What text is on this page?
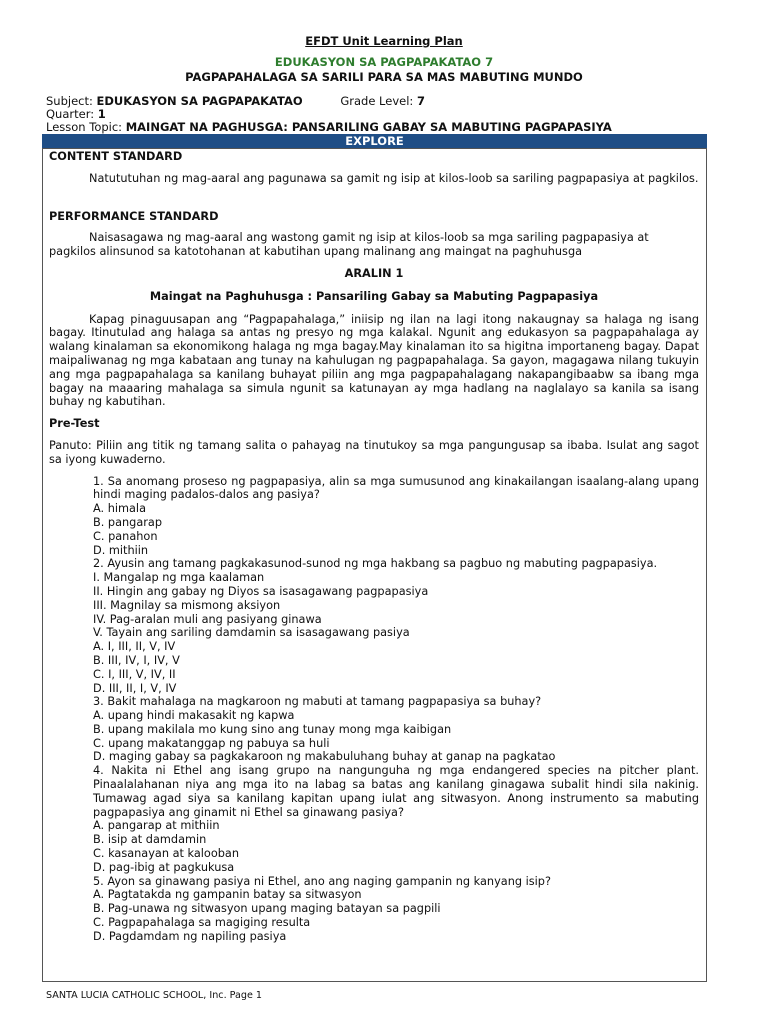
EFDT Unit Learning Plan
EDUKASYON SA PAGPAPAKATAO 7
PAGPAPAHALAGA SA SARILI PARA SA MAS MABUTING MUNDO
Subject: EDUKASYON SA PAGPAPAKATAO	Grade Level: 7
Quarter: 1
Lesson Topic: MAINGAT NA PAGHUSGA: PANSARILING GABAY SA MABUTING PAGPAPASIYA
EXPLORE
CONTENT STANDARD

Natututuhan ng mag-aaral ang pagunawa sa gamit ng isip at kilos-loob sa sariling pagpapasiya at pagkilos.

PERFORMANCE STANDARD

Naisasagawa ng mag-aaral ang wastong gamit ng isip at kilos-loob sa mga sariling pagpapasiya at pagkilos alinsunod sa katotohanan at kabutihan upang malinang ang maingat na paghuhusga

ARALIN 1
Maingat na Paghuhusga : Pansariling Gabay sa Mabuting Pagpapasiya

Kapag pinaguusapan ang “Pagpapahalaga,” iniisip ng ilan na lagi itong nakaugnay sa halaga ng isang bagay. Itinutulad ang halaga sa antas ng presyo ng mga kalakal. Ngunit ang edukasyon sa pagpapahalaga ay walang kinalaman sa ekonomikong halaga ng mga bagay.May kinalaman ito sa higitna importaneng bagay. Dapat maipaliwanag ng mga kabataan ang tunay na kahulugan ng pagpapahalaga. Sa gayon, magagawa nilang tukuyin ang mga pagpapahalaga sa kanilang buhayat piliin ang mga pagpapahalagang nakapangibaabw sa ibang mga bagay na maaaring mahalaga sa simula ngunit sa katunayan ay mga hadlang na naglalayo sa kanila sa isang buhay ng kabutihan.

Pre-Test

Panuto: Piliin ang titik ng tamang salita o pahayag na tinutukoy sa mga pangungusap sa ibaba. Isulat ang sagot sa iyong kuwaderno.

1. Sa anomang proseso ng pagpapasiya, alin sa mga sumusunod ang kinakailangan isaalang-alang upang hindi maging padalos-dalos ang pasiya?

A. himala
B. pangarap
C. panahon
D. mithiin

2. Ayusin ang tamang pagkakasunod-sunod ng mga hakbang sa pagbuo ng mabuting pagpapasiya.

I. Mangalap ng mga kaalaman
II. Hingin ang gabay ng Diyos sa isasagawang pagpapasiya
III. Magnilay sa mismong aksiyon
IV. Pag-aralan muli ang pasiyang ginawa
V. Tayain ang sariling damdamin sa isasagawang pasiya
A. I, III, II, V, IV
B. III, IV, I, IV, V
C. I, III, V, IV, II
D. III, II, I, V, IV

3. Bakit mahalaga na magkaroon ng mabuti at tamang pagpapasiya sa buhay?

A. upang hindi makasakit ng kapwa
B. upang makilala mo kung sino ang tunay mong mga kaibigan
C. upang makatanggap ng pabuya sa huli
D. maging gabay sa pagkakaroon ng makabuluhang buhay at ganap na pagkatao

4. Nakita ni Ethel ang isang grupo na nangunguha ng mga endangered species na pitcher plant. Pinaalalahanan niya ang mga ito na labag sa batas ang kanilang ginagawa subalit hindi sila nakinig. Tumawag agad siya sa kanilang kapitan upang iulat ang sitwasyon. Anong instrumento sa mabuting pagpapasiya ang ginamit ni Ethel sa ginawang pasiya?

A. pangarap at mithiin
B. isip at damdamin
C. kasanayan at kalooban
D. pag-ibig at pagkukusa

5. Ayon sa ginawang pasiya ni Ethel, ano ang naging gampanin ng kanyang isip?

A. Pagtatakda ng gampanin batay sa sitwasyon
B. Pag-unawa ng sitwasyon upang maging batayan sa pagpili
C. Pagpapahalaga sa magiging resulta
D. Pagdamdam ng napiling pasiya
SANTA LUCIA CATHOLIC SCHOOL, Inc. Page 1
